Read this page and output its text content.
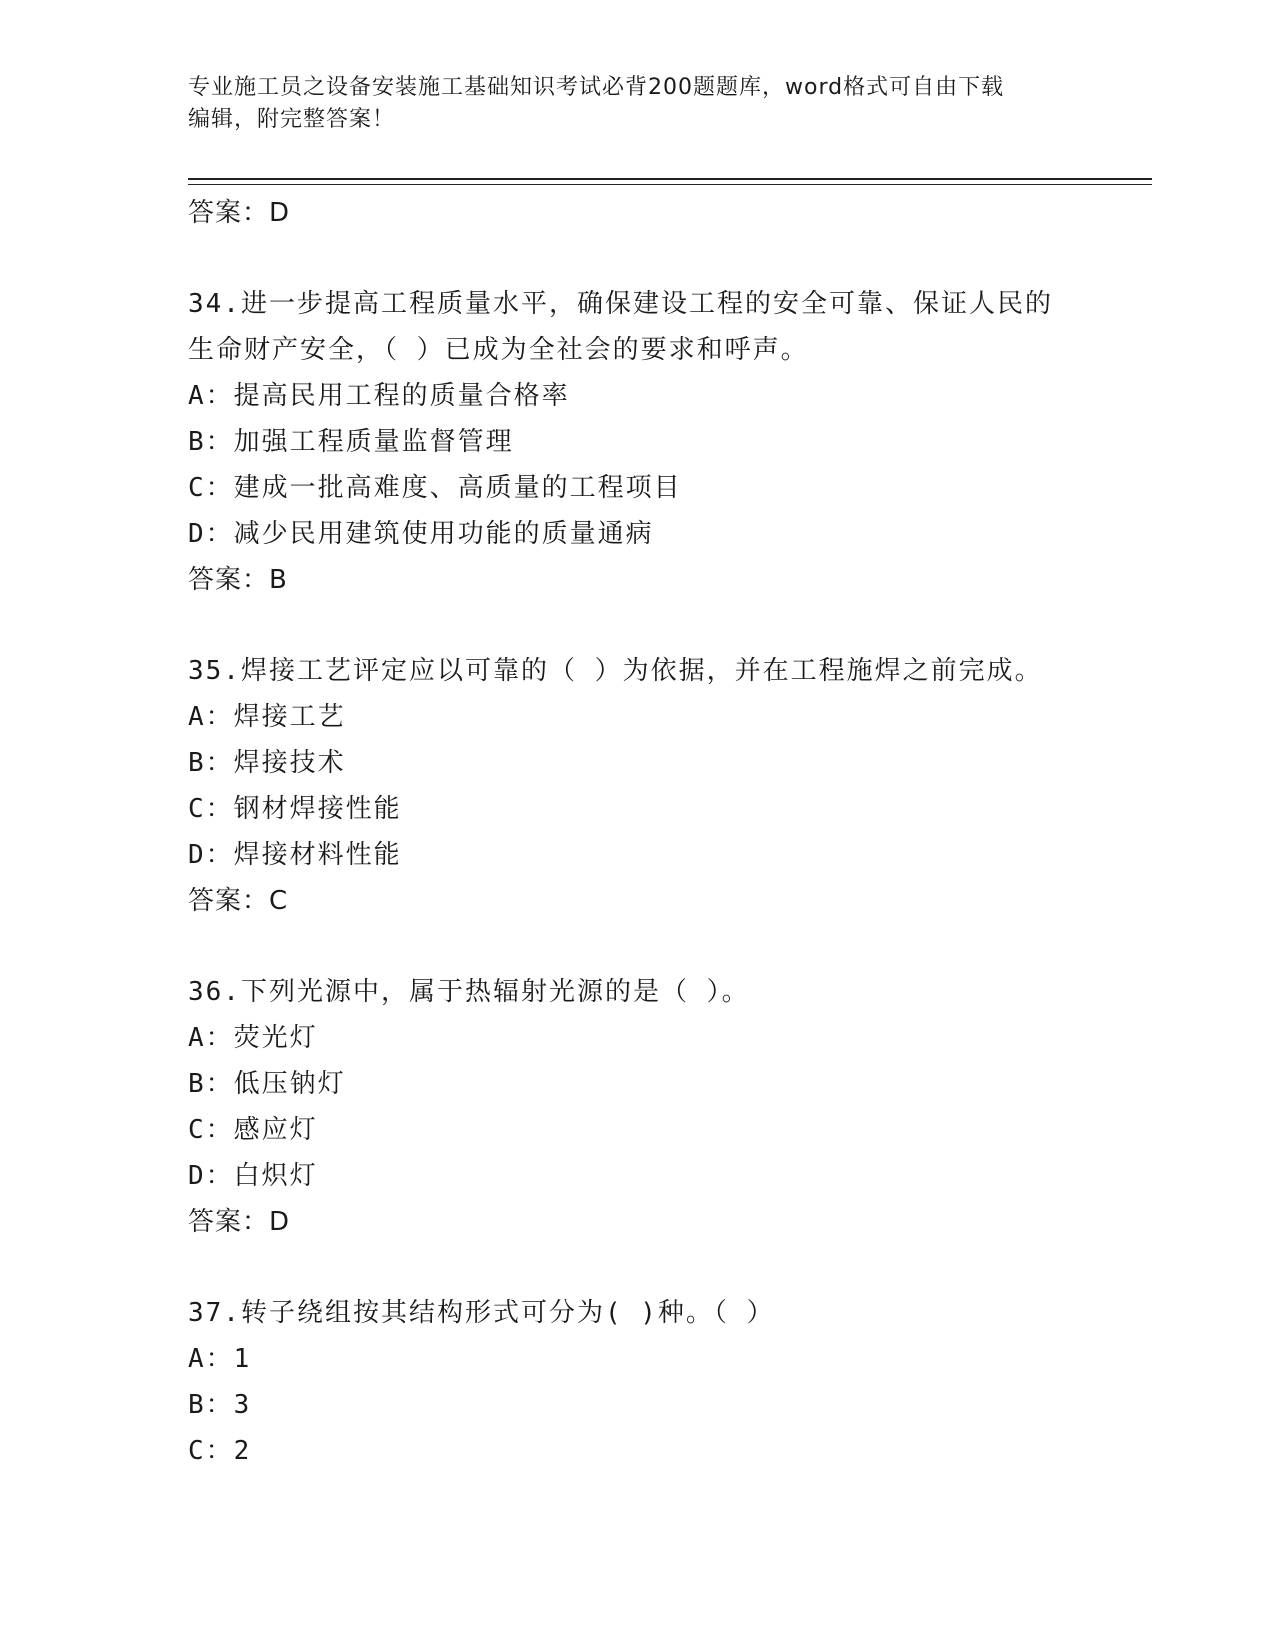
专业施工员之设备安装施工基础知识考试必背200题题库，word格式可自由下载
编辑，附完整答案！
答案：D
34.进一步提高工程质量水平，确保建设工程的安全可靠、保证人民的
生命财产安全，（ ）已成为全社会的要求和呼声。
A：提高民用工程的质量合格率
B：加强工程质量监督管理
C：建成一批高难度、高质量的工程项目
D：减少民用建筑使用功能的质量通病
答案：B
35.焊接工艺评定应以可靠的（ ）为依据，并在工程施焊之前完成。
A：焊接工艺
B：焊接技术
C：钢材焊接性能
D：焊接材料性能
答案：C
36.下列光源中，属于热辐射光源的是（ ）。
A：荧光灯
B：低压钠灯
C：感应灯
D：白炽灯
答案：D
37.转子绕组按其结构形式可分为( )种。（ ）
A：1
B：3
C：2
